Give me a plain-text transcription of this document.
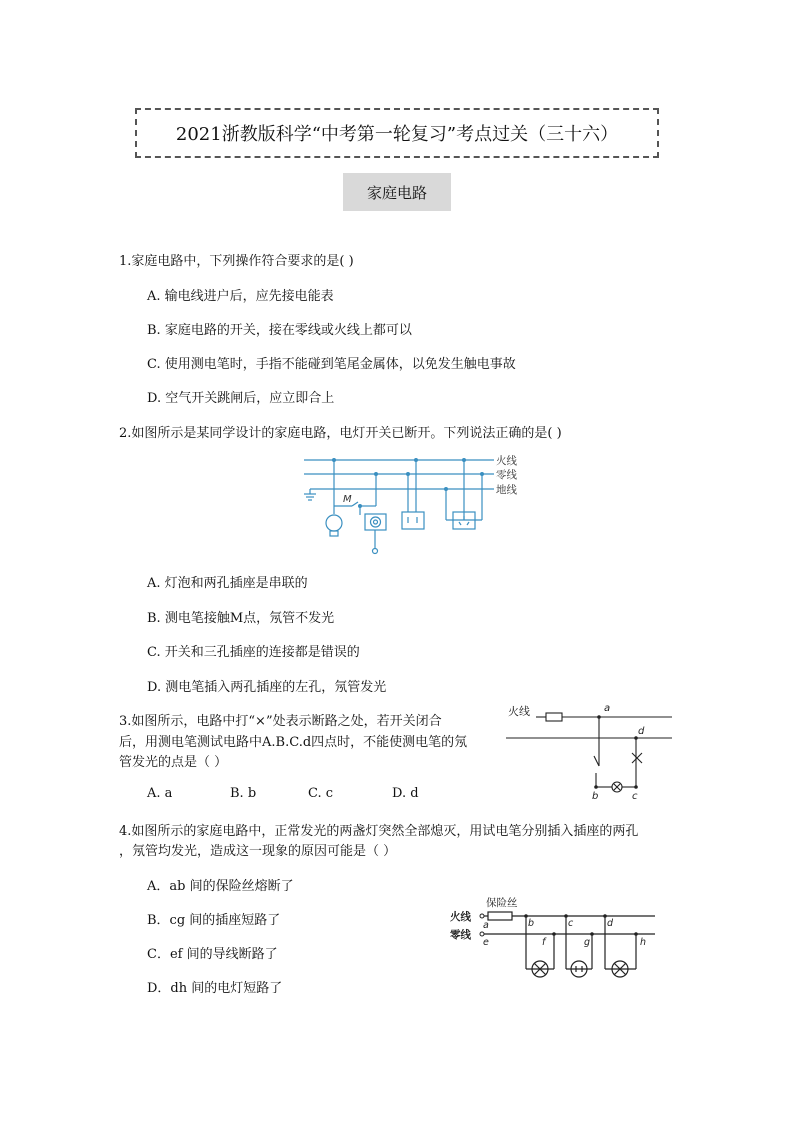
2021浙教版科学“中考第一轮复习”考点过关（三十六）
家庭电路
1.家庭电路中，下列操作符合要求的是( )
A. 输电线进户后，应先接电能表
B. 家庭电路的开关，接在零线或火线上都可以
C. 使用测电笔时，手指不能碰到笔尾金属体，以免发生触电事故
D. 空气开关跳闸后，应立即合上
2.如图所示是某同学设计的家庭电路，电灯开关已断开。下列说法正确的是( )
火线
零线
地线
M
A. 灯泡和两孔插座是串联的
B. 测电笔接触M点，氖管不发光
C. 开关和三孔插座的连接都是错误的
D. 测电笔插入两孔插座的左孔，氖管发光
3.如图所示，电路中打“×”处表示断路之处，若开关闭合
后，用测电笔测试电路中A.B.C.d四点时，不能使测电笔的氖
管发光的点是（ ）
火线	a
d
b	c
A. a	B. b	C. c	D. d
4.如图所示的家庭电路中，正常发光的两盏灯突然全部熄灭，用试电笔分别插入插座的两孔
，氖管均发光，造成这一现象的原因可能是（ ）
A．ab 间的保险丝熔断了
B．cg 间的插座短路了
C．ef 间的导线断路了
D．dh 间的电灯短路了
保险丝
火线
零线
a	b	c	d
e	f	g	h
